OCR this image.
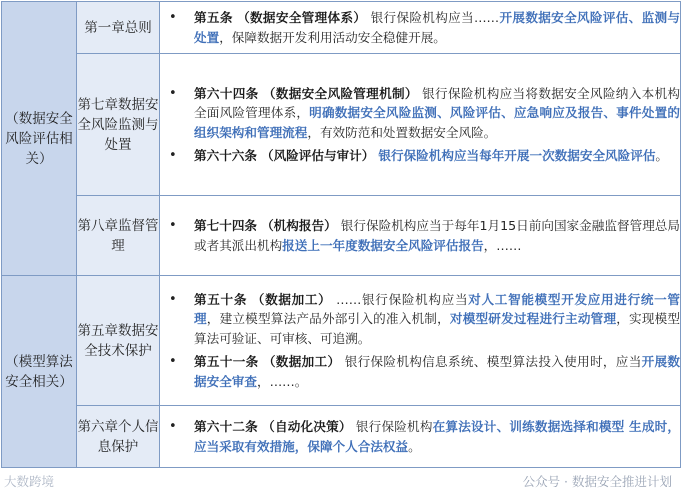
（数据安全风险评估相关）	第一章总则	• 第五条 （数据安全管理体系） 银行保险机构应当……开展数据安全风险评估、监测与处置，保障数据开发利用活动安全稳健开展。

	第七章数据安全风险监测与处置	• 第六十四条 （数据安全风险管理机制） 银行保险机构应当将数据安全风险纳入本机构全面风险管理体系，明确数据安全风险监测、风险评估、应急响应及报告、事件处置的组织架构和管理流程，有效防范和处置数据安全风险。
• 第六十六条 （风险评估与审计） 银行保险机构应当每年开展一次数据安全风险评估。

	第八章监督管理	• 第七十四条 （机构报告） 银行保险机构应当于每年1月15日前向国家金融监督管理总局或者其派出机构报送上一年度数据安全风险评估报告，……

（模型算法安全相关）	第五章数据安全技术保护	• 第五十条 （数据加工） ……银行保险机构应当对人工智能模型开发应用进行统一管理，建立模型算法产品外部引入的准入机制，对模型研发过程进行主动管理，实现模型算法可验证、可审核、可追溯。
• 第五十一条 （数据加工） 银行保险机构信息系统、模型算法投入使用时，应当开展数据安全审查，……。

	第六章个人信息保护	• 第六十二条 （自动化决策） 银行保险机构在算法设计、训练数据选择和模型 生成时，应当采取有效措施，保障个人合法权益。
大数跨境	公众号 · 数据安全推进计划
